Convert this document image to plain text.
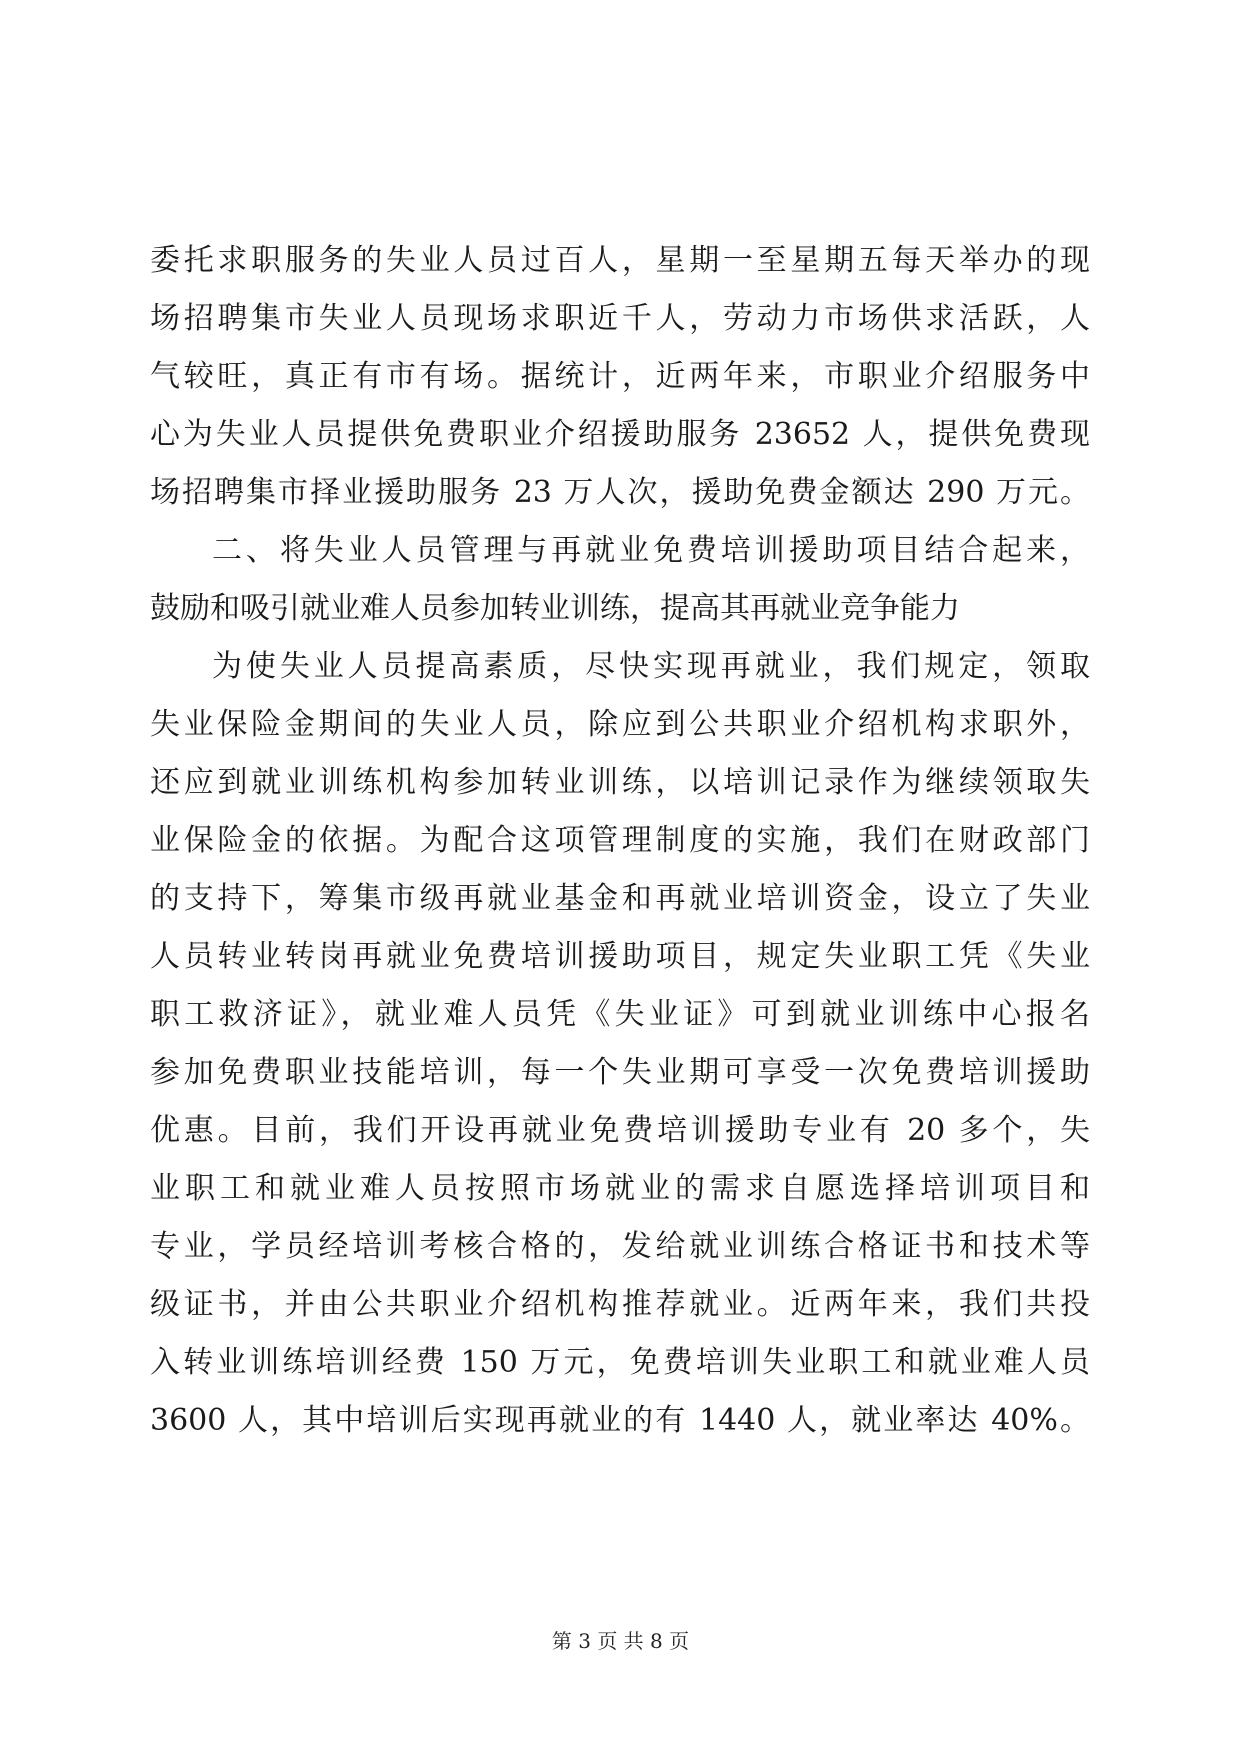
委托求职服务的失业人员过百人，星期一至星期五每天举办的现
场招聘集市失业人员现场求职近千人，劳动力市场供求活跃，人
气较旺，真正有市有场。据统计，近两年来，市职业介绍服务中
心为失业人员提供免费职业介绍援助服务 23652 人，提供免费现
场招聘集市择业援助服务 23 万人次，援助免费金额达 290 万元。
二、将失业人员管理与再就业免费培训援助项目结合起来，
鼓励和吸引就业难人员参加转业训练，提高其再就业竞争能力
为使失业人员提高素质，尽快实现再就业，我们规定，领取
失业保险金期间的失业人员，除应到公共职业介绍机构求职外，
还应到就业训练机构参加转业训练，以培训记录作为继续领取失
业保险金的依据。为配合这项管理制度的实施，我们在财政部门
的支持下，筹集市级再就业基金和再就业培训资金，设立了失业
人员转业转岗再就业免费培训援助项目，规定失业职工凭《失业
职工救济证》，就业难人员凭《失业证》可到就业训练中心报名
参加免费职业技能培训，每一个失业期可享受一次免费培训援助
优惠。目前，我们开设再就业免费培训援助专业有 20 多个，失
业职工和就业难人员按照市场就业的需求自愿选择培训项目和
专业，学员经培训考核合格的，发给就业训练合格证书和技术等
级证书，并由公共职业介绍机构推荐就业。近两年来，我们共投
入转业训练培训经费 150 万元，免费培训失业职工和就业难人员
3600 人，其中培训后实现再就业的有 1440 人，就业率达 40%。
第 3 页 共 8 页
